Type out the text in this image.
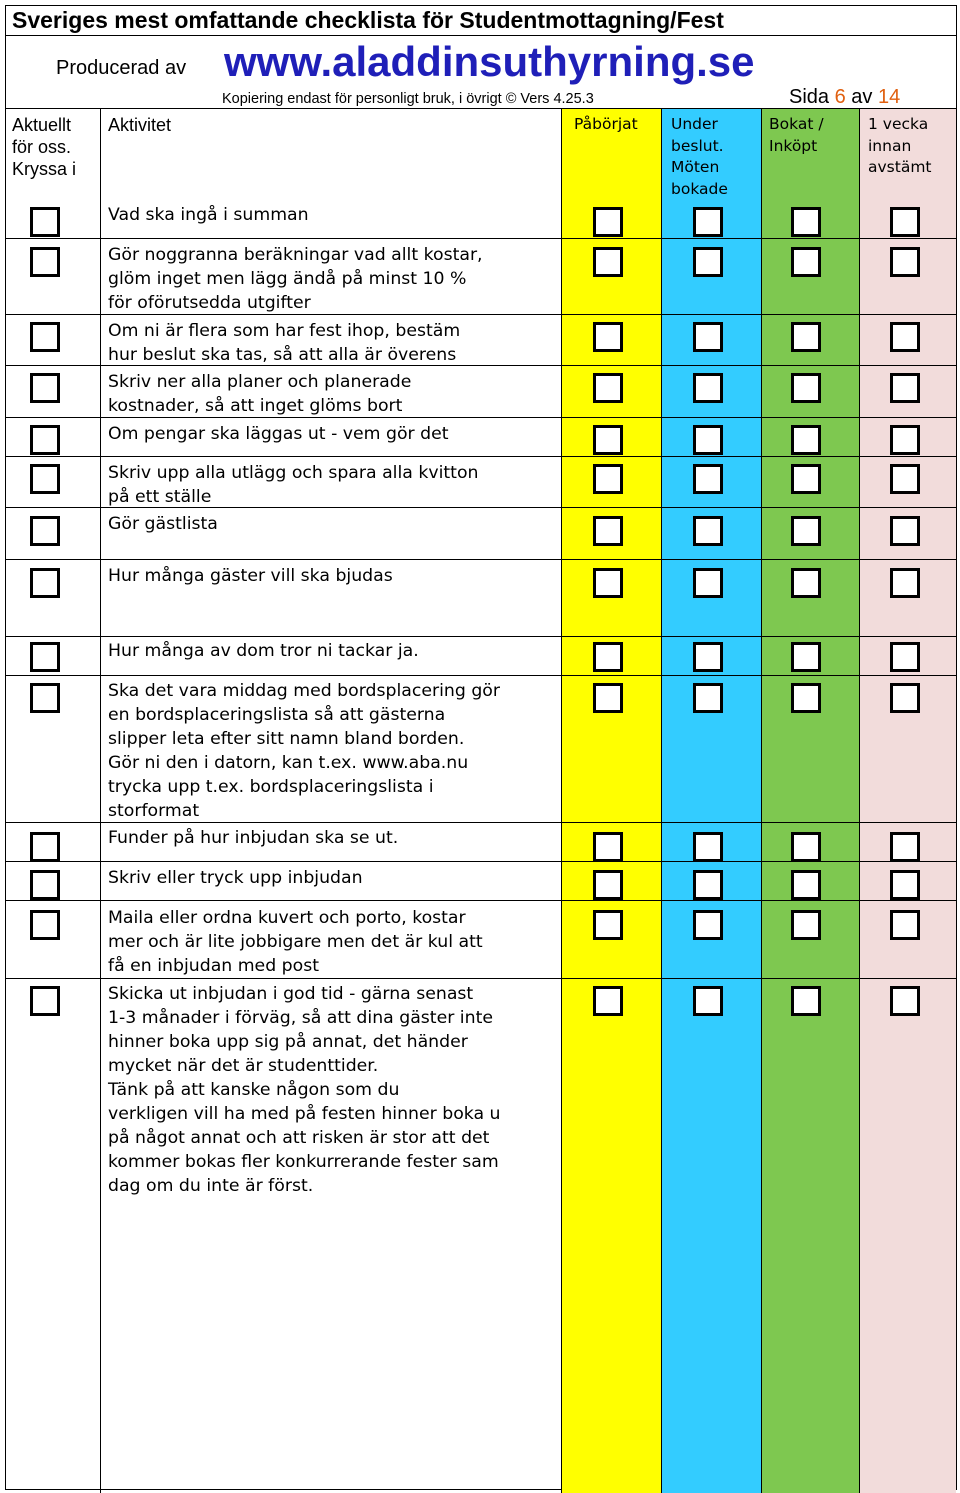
Sveriges mest omfattande checklista för Studentmottagning/Fest
Producerad av www.aladdinsuthyrning.se
Kopiering endast för personligt bruk, i övrigt © Vers 4.25.3	Sida 6 av 14
Aktuellt
för oss.
Kryssa i
Aktivitet	Påbörjat Under
beslut.
Möten
bokade
Bokat /
Inköpt
1 vecka
innan
avstämt
Vad ska ingå i summan
Gör noggranna beräkningar vad allt kostar,
glöm inget men lägg ändå på minst 10 %
för oförutsedda utgifter
Om ni är flera som har fest ihop, bestäm
hur beslut ska tas, så att alla är överens
Skriv ner alla planer och planerade
kostnader, så att inget glöms bort
Om pengar ska läggas ut - vem gör det
Skriv upp alla utlägg och spara alla kvitton
på ett ställe
Gör gästlista
Hur många gäster vill ska bjudas
Hur många av dom tror ni tackar ja.
Ska det vara middag med bordsplacering gör
en bordsplaceringslista så att gästerna
slipper leta efter sitt namn bland borden.
Gör ni den i datorn, kan t.ex. www.aba.nu
trycka upp t.ex. bordsplaceringslista i
storformat
Funder på hur inbjudan ska se ut.
Skriv eller tryck upp inbjudan
Maila eller ordna kuvert och porto, kostar
mer och är lite jobbigare men det är kul att
få en inbjudan med post
Skicka ut inbjudan i god tid - gärna senast
1-3 månader i förväg, så att dina gäster inte
hinner boka upp sig på annat, det händer
mycket när det är studenttider.
Tänk på att kanske någon som du
verkligen vill ha med på festen hinner boka u
på något annat och att risken är stor att det
kommer bokas fler konkurrerande fester sam
dag om du inte är först.
